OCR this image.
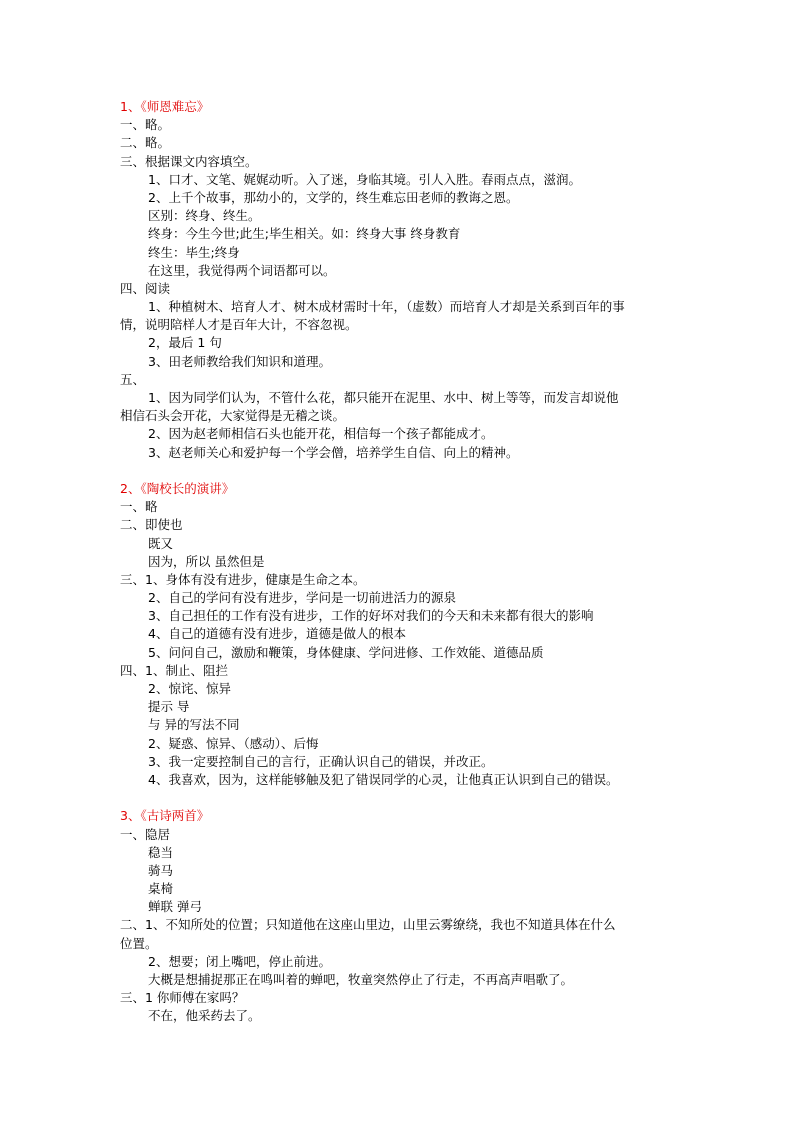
1、《师恩难忘》
一、略。
二、略。
三、根据课文内容填空。
1、口才、文笔、娓娓动听。入了迷，身临其境。引人入胜。春雨点点，滋润。
2、上千个故事，那幼小的，文学的，终生难忘田老师的教诲之恩。
区别：终身、终生。
终身：今生今世;此生;毕生相关。如：终身大事 终身教育
终生：毕生;终身
在这里，我觉得两个词语都可以。
四、阅读
1、种植树木、培育人才、树木成材需时十年，（虚数）而培育人才却是关系到百年的事
情，说明陪样人才是百年大计，不容忽视。
2，最后 1 句
3、田老师教给我们知识和道理。
五、
1、因为同学们认为，不管什么花，都只能开在泥里、水中、树上等等，而发言却说他
相信石头会开花，大家觉得是无稽之谈。
2、因为赵老师相信石头也能开花，相信每一个孩子都能成才。
3、赵老师关心和爱护每一个学会僧，培养学生自信、向上的精神。
2、《陶校长的演讲》
一、略
二、即使也
既又
因为，所以 虽然但是
三、1、身体有没有进步，健康是生命之本。
2、自己的学问有没有进步，学问是一切前进活力的源泉
3、自己担任的工作有没有进步，工作的好坏对我们的今天和未来都有很大的影响
4、自己的道德有没有进步，道德是做人的根本
5、问问自己，激励和鞭策，身体健康、学问进修、工作效能、道德品质
四、1、制止、阻拦
2、惊诧、惊异
提示 导
与 异的写法不同
2、疑惑、惊异、（感动）、后悔
3、我一定要控制自己的言行，正确认识自己的错误，并改正。
4、我喜欢，因为，这样能够触及犯了错误同学的心灵，让他真正认识到自己的错误。
3、《古诗两首》
一、隐居
稳当
骑马
桌椅
蝉联 弹弓
二、1、不知所处的位置；只知道他在这座山里边，山里云雾缭绕，我也不知道具体在什么
位置。
2、想要；闭上嘴吧，停止前进。
大概是想捕捉那正在鸣叫着的蝉吧，牧童突然停止了行走，不再高声唱歌了。
三、1 你师傅在家吗？
不在，他采药去了。
